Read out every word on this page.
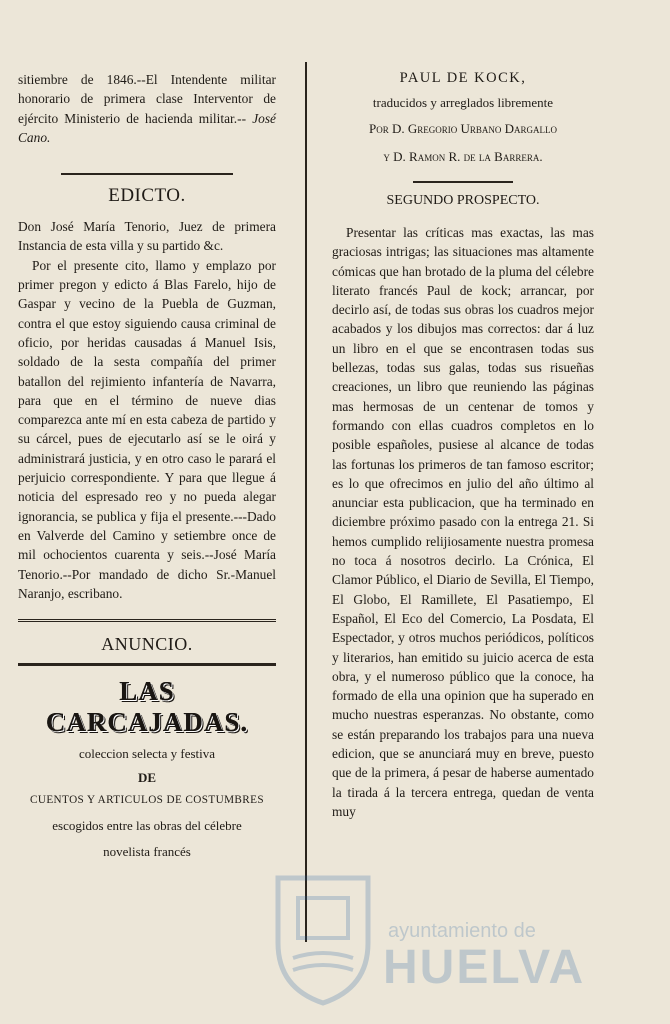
sitiembre de 1846.--El Intendente militar honorario de primera clase Interventor de ejército Ministerio de hacienda militar.-- José Cano.

EDICTO.

Don José María Tenorio, Juez de primera Instancia de esta villa y su partido &c.

Por el presente cito, llamo y emplazo por primer pregon y edicto á Blas Farelo, hijo de Gaspar y vecino de la Puebla de Guzman, contra el que estoy siguiendo causa criminal de oficio, por heridas causadas á Manuel Isis, soldado de la sesta compañía del primer batallon del rejimiento infantería de Navarra, para que en el término de nueve dias comparezca ante mí en esta cabeza de partido y su cárcel, pues de ejecutarlo así se le oirá y administrará justicia, y en otro caso le parará el perjuicio correspondiente. Y para que llegue á noticia del espresado reo y no pueda alegar ignorancia, se publica y fija el presente.---Dado en Valverde del Camino y setiembre once de mil ochocientos cuarenta y seis.--José María Tenorio.--Por mandado de dicho Sr.-Manuel Naranjo, escribano.

ANUNCIO.

LAS CARCAJADAS.

coleccion selecta y festiva

DE

CUENTOS Y ARTICULOS DE COSTUMBRES

escogidos entre las obras del célebre

novelista francés

PAUL DE KOCK,

traducidos y arreglados libremente

Por D. Gregorio Urbano Dargallo

y D. Ramon R. de la Barrera.

SEGUNDO PROSPECTO.

Presentar las críticas mas exactas, las mas graciosas intrigas; las situaciones mas altamente cómicas que han brotado de la pluma del célebre literato francés Paul de kock; arrancar, por decirlo así, de todas sus obras los cuadros mejor acabados y los dibujos mas correctos: dar á luz un libro en el que se encontrasen todas sus bellezas, todas sus galas, todas sus risueñas creaciones, un libro que reuniendo las páginas mas hermosas de un centenar de tomos y formando con ellas cuadros completos en lo posible españoles, pusiese al alcance de todas las fortunas los primeros de tan famoso escritor; es lo que ofrecimos en julio del año último al anunciar esta publicacion, que ha terminado en diciembre próximo pasado con la entrega 21. Si hemos cumplido relijiosamente nuestra promesa no toca á nosotros decirlo. La Crónica, El Clamor Público, el Diario de Sevilla, El Tiempo, El Globo, El Ramillete, El Pasatiempo, El Español, El Eco del Comercio, La Posdata, El Espectador, y otros muchos periódicos, políticos y literarios, han emitido su juicio acerca de esta obra, y el numeroso público que la conoce, ha formado de ella una opinion que ha superado en mucho nuestras esperanzas. No obstante, como se están preparando los trabajos para una nueva edicion, que se anunciará muy en breve, puesto que de la primera, á pesar de haberse aumentado la tirada á la tercera entrega, quedan de venta muy

ayuntamiento de
HUELVA
